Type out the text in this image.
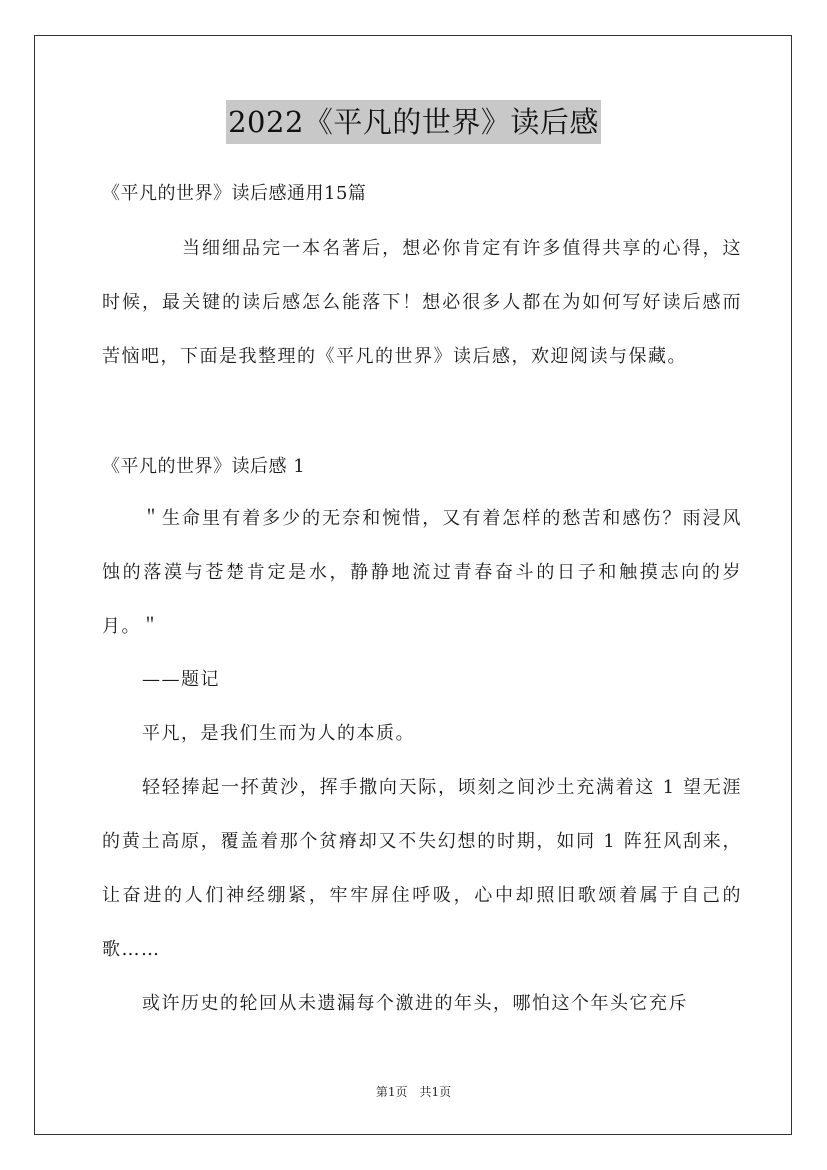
2022《平凡的世界》读后感

《平凡的世界》读后感通用15篇

当细细品完一本名著后，想必你肯定有许多值得共享的心得，这时候，最关键的读后感怎么能落下！想必很多人都在为如何写好读后感而苦恼吧，下面是我整理的《平凡的世界》读后感，欢迎阅读与保藏。

《平凡的世界》读后感 1

＂生命里有着多少的无奈和惋惜，又有着怎样的愁苦和感伤？雨浸风蚀的落漠与苍楚肯定是水，静静地流过青春奋斗的日子和触摸志向的岁月。＂

——题记

平凡，是我们生而为人的本质。

轻轻捧起一抔黄沙，挥手撒向天际，顷刻之间沙土充满着这 1 望无涯的黄土高原，覆盖着那个贫瘠却又不失幻想的时期，如同 1 阵狂风刮来，让奋进的人们神经绷紧，牢牢屏住呼吸，心中却照旧歌颂着属于自己的歌……

或许历史的轮回从未遗漏每个激进的年头，哪怕这个年头它充斥

第1页　共1页
